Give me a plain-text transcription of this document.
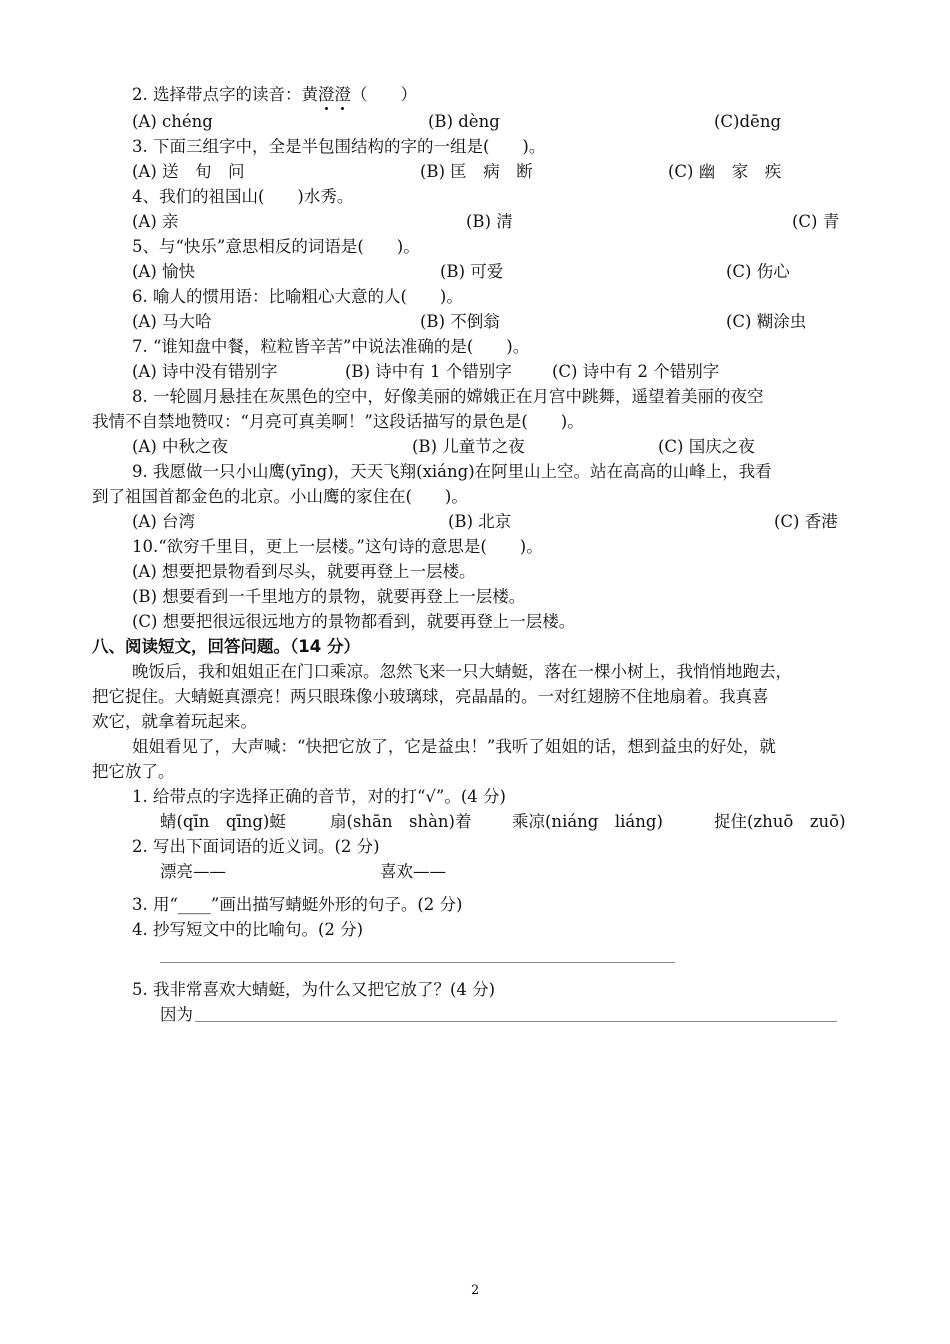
2. 选择带点字的读音：黄澄澄（　　）
(A) chéng	(B) dèng	(C)dēng
3. 下面三组字中，全是半包围结构的字的一组是(　　)。
(A) 送　旬　问	(B) 匡　病　断	(C) 幽　家　疾
4、我们的祖国山(　　)水秀。
(A) 亲	(B) 清	(C) 青
5、与“快乐”意思相反的词语是(　　)。
(A) 愉快	(B) 可爱	(C) 伤心
6. 喻人的惯用语：比喻粗心大意的人(　　)。
(A) 马大哈	(B) 不倒翁	(C) 糊涂虫
7. “谁知盘中餐，粒粒皆辛苦”中说法准确的是(　　)。
(A) 诗中没有错别字	(B) 诗中有 1 个错别字 (C) 诗中有 2 个错别字
8. 一轮圆月悬挂在灰黑色的空中，好像美丽的嫦娥正在月宫中跳舞，遥望着美丽的夜空
我情不自禁地赞叹：“月亮可真美啊！”这段话描写的景色是(　　)。
(A) 中秋之夜	(B) 儿童节之夜	(C) 国庆之夜
9. 我愿做一只小山鹰(yīng)，天天飞翔(xiáng)在阿里山上空。站在高高的山峰上，我看
到了祖国首都金色的北京。小山鹰的家住在(　　)。
(A) 台湾	(B) 北京	(C) 香港
10.“欲穷千里目，更上一层楼。”这句诗的意思是(　　)。
(A) 想要把景物看到尽头，就要再登上一层楼。
(B) 想要看到一千里地方的景物，就要再登上一层楼。
(C) 想要把很远很远地方的景物都看到，就要再登上一层楼。
八、阅读短文，回答问题。（14 分）
晚饭后，我和姐姐正在门口乘凉。忽然飞来一只大蜻蜓，落在一棵小树上，我悄悄地跑去，
把它捉住。大蜻蜓真漂亮！两只眼珠像小玻璃球，亮晶晶的。一对红翅膀不住地扇着。我真喜
欢它，就拿着玩起来。
姐姐看见了，大声喊：“快把它放了，它是益虫！”我听了姐姐的话，想到益虫的好处，就
把它放了。
1. 给带点的字选择正确的音节，对的打“√”。(4 分)
蜻(qīn　qīng)蜓	扇(shān　shàn)着 乘凉(niáng　liáng)	捉住(zhuō　zuō)
2. 写出下面词语的近义词。(2 分)
漂亮——	喜欢——
3. 用“____”画出描写蜻蜓外形的句子。(2 分)
4. 抄写短文中的比喻句。(2 分)
5. 我非常喜欢大蜻蜓，为什么又把它放了？(4 分)
因为
2
